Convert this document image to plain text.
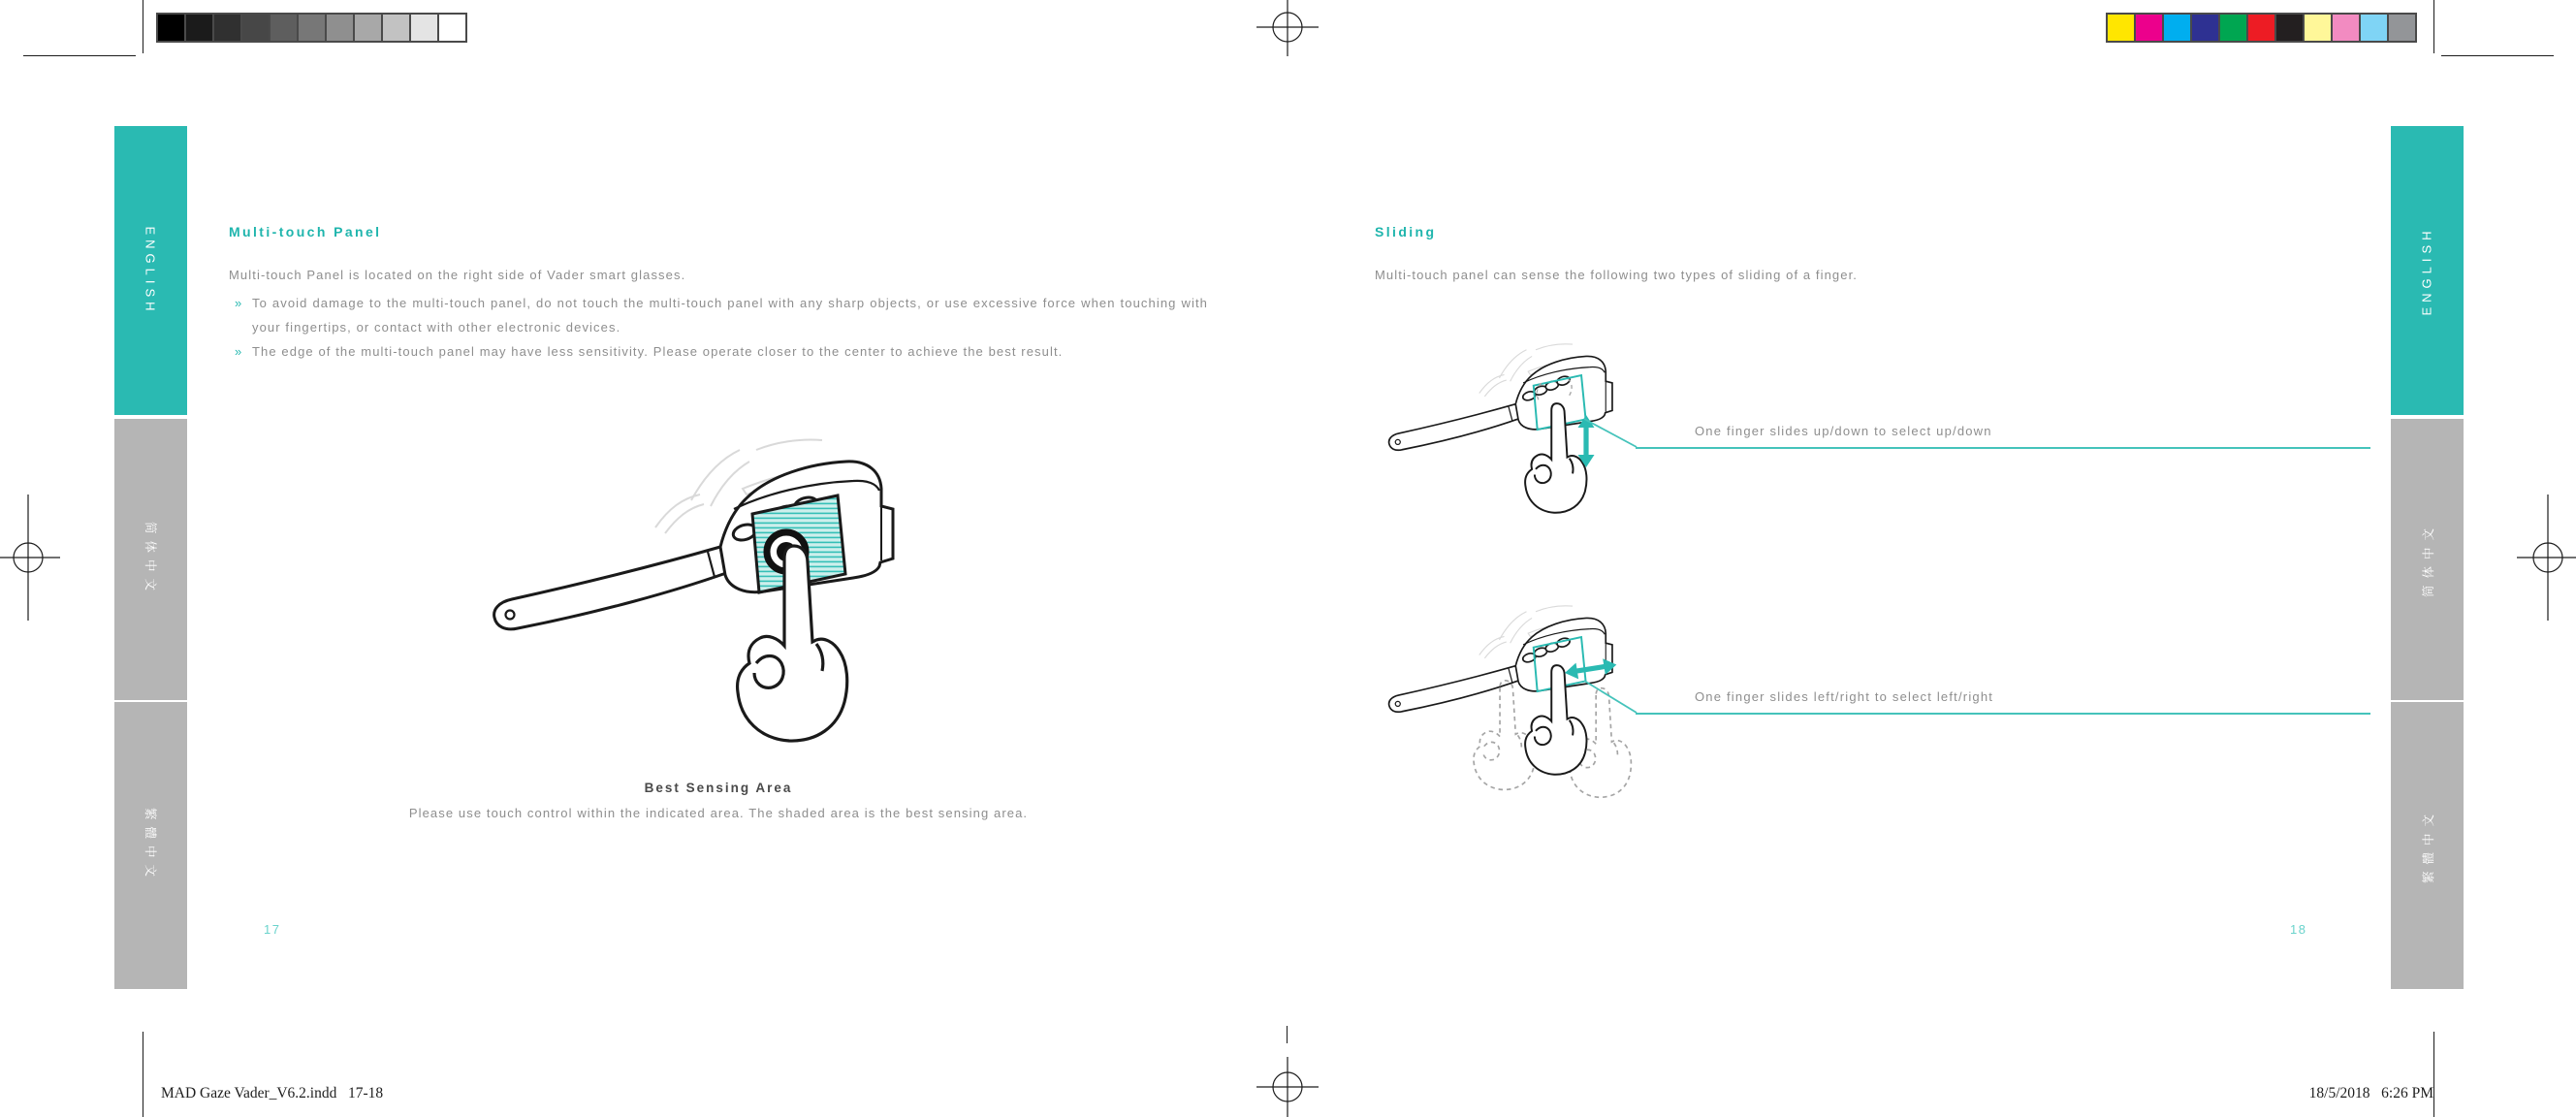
ENGLISH
简体中文
繁體中文
ENGLISH
简体中文
繁體中文
Multi-touch Panel
Multi-touch Panel is located on the right side of Vader smart glasses.
» To avoid damage to the multi-touch panel, do not touch the multi-touch panel with any sharp objects, or use excessive force when touching with your fingertips, or contact with other electronic devices.
» The edge of the multi-touch panel may have less sensitivity. Please operate closer to the center to achieve the best result.
Best Sensing Area
Please use touch control within the indicated area. The shaded area is the best sensing area.
17
Sliding
Multi-touch panel can sense the following two types of sliding of a finger.
One finger slides up/down to select up/down
One finger slides left/right to select left/right
18
MAD Gaze Vader_V6.2.indd   17-18	18/5/2018   6:26 PM
